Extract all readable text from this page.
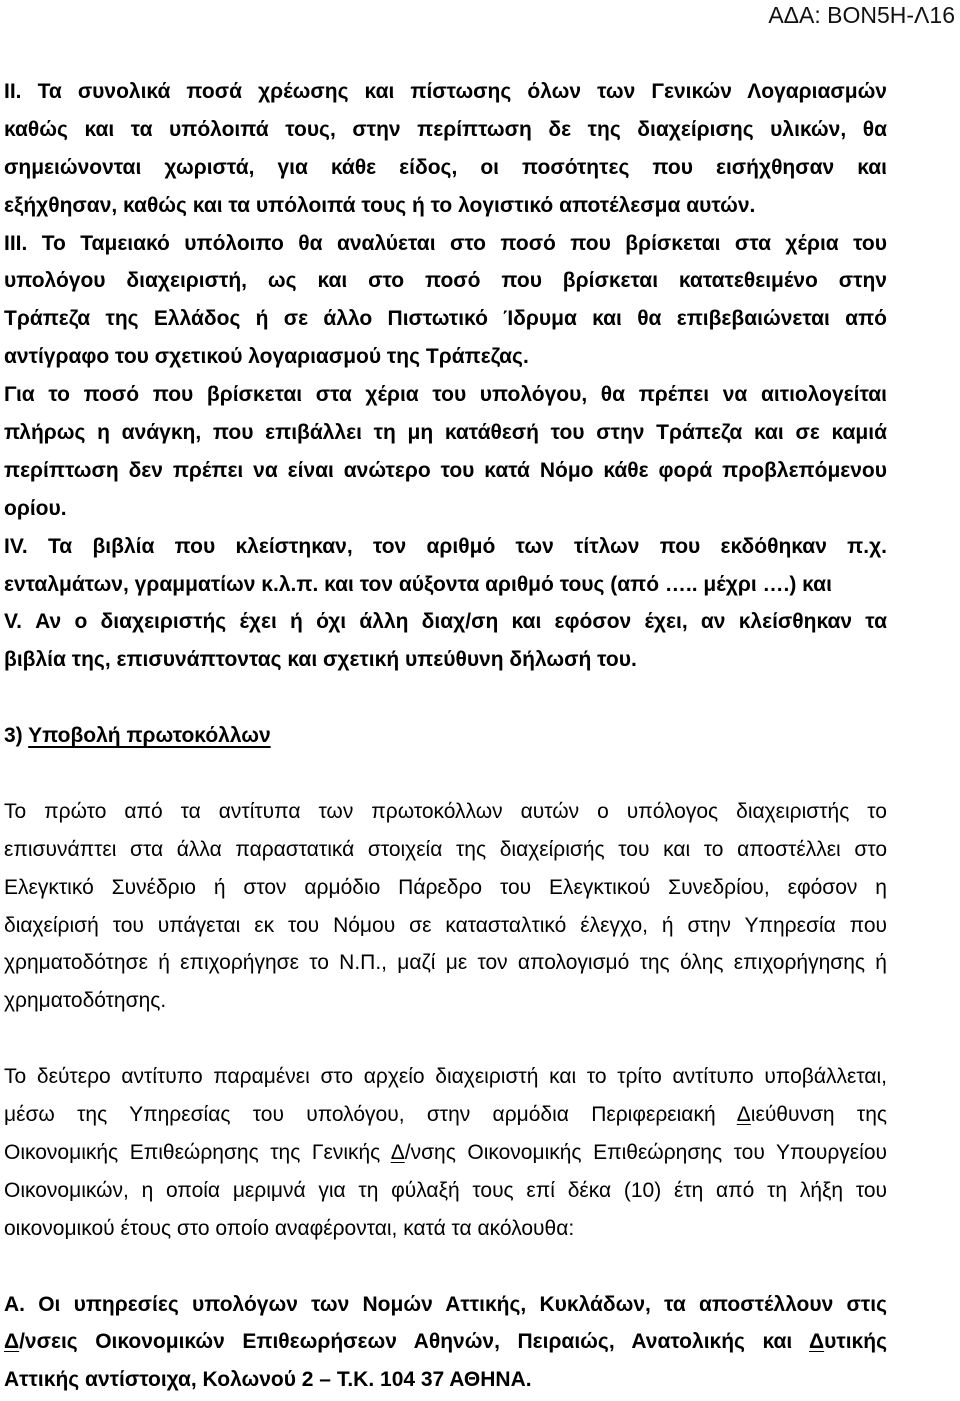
ΑΔΑ: ΒΟΝ5Η-Λ16
II. Τα συνολικά ποσά χρέωσης και πίστωσης όλων των Γενικών Λογαριασμών
καθώς και τα υπόλοιπά τους, στην περίπτωση δε της διαχείρισης υλικών, θα
σημειώνονται χωριστά, για κάθε είδος, οι ποσότητες που εισήχθησαν και
εξήχθησαν, καθώς και τα υπόλοιπά τους ή το λογιστικό αποτέλεσμα αυτών.
III. Το Ταμειακό υπόλοιπο θα αναλύεται στο ποσό που βρίσκεται στα χέρια του
υπολόγου διαχειριστή, ως και στο ποσό που βρίσκεται κατατεθειμένο στην
Τράπεζα της Ελλάδος ή σε άλλο Πιστωτικό Ίδρυμα και θα επιβεβαιώνεται από
αντίγραφο του σχετικού λογαριασμού της Τράπεζας.
Για το ποσό που βρίσκεται στα χέρια του υπολόγου, θα πρέπει να αιτιολογείται
πλήρως η ανάγκη, που επιβάλλει τη μη κατάθεσή του στην Τράπεζα και σε καμιά
περίπτωση δεν πρέπει να είναι ανώτερο του κατά Νόμο κάθε φορά προβλεπόμενου
ορίου.
IV. Τα βιβλία που κλείστηκαν, τον αριθμό των τίτλων που εκδόθηκαν π.χ.
ενταλμάτων, γραμματίων κ.λ.π. και τον αύξοντα αριθμό τους (από ….. μέχρι ….) και
V. Αν ο διαχειριστής έχει ή όχι άλλη διαχ/ση και εφόσον έχει, αν κλείσθηκαν τα
βιβλία της, επισυνάπτοντας και σχετική υπεύθυνη δήλωσή του.
3) Υποβολή πρωτοκόλλων
Το πρώτο από τα αντίτυπα των πρωτοκόλλων αυτών ο υπόλογος διαχειριστής το
επισυνάπτει στα άλλα παραστατικά στοιχεία της διαχείρισής του και το αποστέλλει στο
Ελεγκτικό Συνέδριο ή στον αρμόδιο Πάρεδρο του Ελεγκτικού Συνεδρίου, εφόσον η
διαχείρισή του υπάγεται εκ του Νόμου σε κατασταλτικό έλεγχο, ή στην Υπηρεσία που
χρηματοδότησε ή επιχορήγησε το Ν.Π., μαζί με τον απολογισμό της όλης επιχορήγησης ή
χρηματοδότησης.
Το δεύτερο αντίτυπο παραμένει στο αρχείο διαχειριστή και το τρίτο αντίτυπο υποβάλλεται,
μέσω της Υπηρεσίας του υπολόγου, στην αρμόδια Περιφερειακή Διεύθυνση της
Οικονομικής Επιθεώρησης της Γενικής Δ/νσης Οικονομικής Επιθεώρησης του Υπουργείου
Οικονομικών, η οποία μεριμνά για τη φύλαξή τους επί δέκα (10) έτη από τη λήξη του
οικονομικού έτους στο οποίο αναφέρονται, κατά τα ακόλουθα:
Α. Οι υπηρεσίες υπολόγων των Νομών Αττικής, Κυκλάδων, τα αποστέλλουν στις
Δ/νσεις Οικονομικών Επιθεωρήσεων Αθηνών, Πειραιώς, Ανατολικής και Δυτικής
Αττικής αντίστοιχα, Κολωνού 2 – Τ.Κ. 104 37 ΑΘΗΝΑ.
